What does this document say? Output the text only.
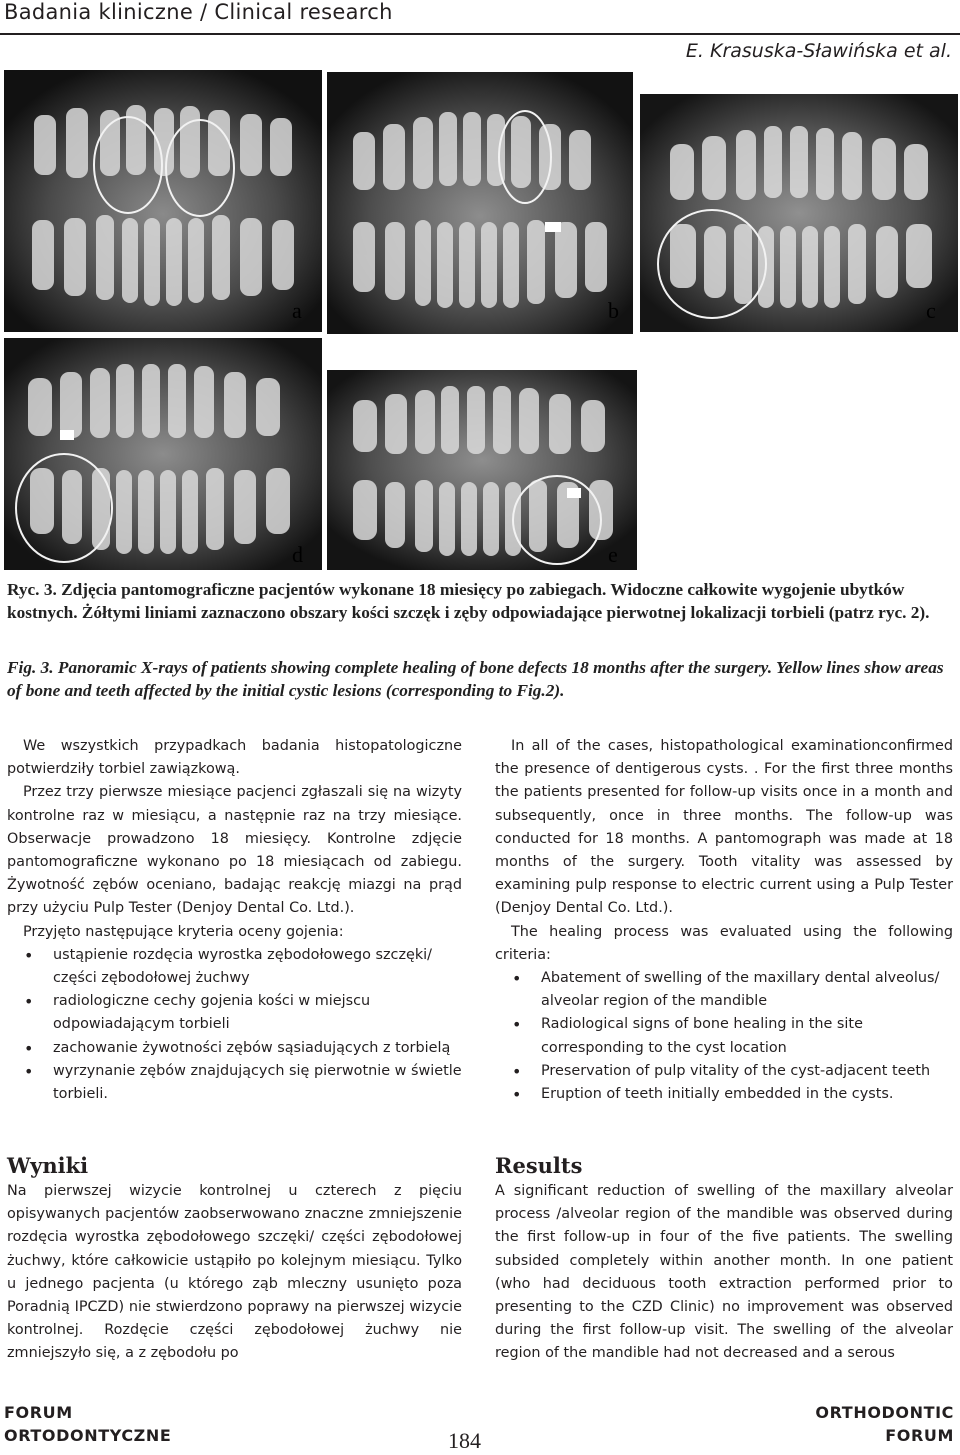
Badania kliniczne / Clinical research
E. Krasuska-Sławińska et al.
a	b	c
d	e

Ryc. 3. Zdjęcia pantomograficzne pacjentów wykonane 18 miesięcy po zabiegach. Widoczne całkowite wygojenie ubytków kostnych. Żółtymi liniami zaznaczono obszary kości szczęk i zęby odpowiadające pierwotnej lokalizacji torbieli (patrz ryc. 2).

Fig. 3. Panoramic X-rays of patients showing complete healing of bone defects 18 months after the surgery. Yellow lines show areas of bone and teeth affected by the initial cystic lesions (corresponding to Fig.2).

We wszystkich przypadkach badania histopatologiczne potwierdziły torbiel zawiązkową.

Przez trzy pierwsze miesiące pacjenci zgłaszali się na wizyty kontrolne raz w miesiącu, a następnie raz na trzy miesiące. Obserwacje prowadzono 18 miesięcy. Kontrolne zdjęcie pantomograficzne wykonano po 18 miesiącach od zabiegu. Żywotność zębów oceniano, badając reakcję miazgi na prąd przy użyciu Pulp Tester (Denjoy Dental Co. Ltd.).

Przyjęto następujące kryteria oceny gojenia:

• ustąpienie rozdęcia wyrostka zębodołowego szczęki/ części zębodołowej żuchwy
• radiologiczne cechy gojenia kości w miejscu odpowiadającym torbieli
• zachowanie żywotności zębów sąsiadujących z torbielą
• wyrzynanie zębów znajdujących się pierwotnie w świetle torbieli.

In all of the cases, histopathological examinationconfirmed the presence of dentigerous cysts. . For the first three months the patients presented for follow-up visits once in a month and subsequently, once in three months. The follow-up was conducted for 18 months. A pantomograph was made at 18 months of the surgery. Tooth vitality was assessed by examining pulp response to electric current using a Pulp Tester (Denjoy Dental Co. Ltd.).

The healing process was evaluated using the following criteria:

• Abatement of swelling of the maxillary dental alveolus/ alveolar region of the mandible
• Radiological signs of bone healing in the site corresponding to the cyst location
• Preservation of pulp vitality of the cyst-adjacent teeth
• Eruption of teeth initially embedded in the cysts.
Wyniki

Na pierwszej wizycie kontrolnej u czterech z pięciu opisywanych pacjentów zaobserwowano znaczne zmniejszenie rozdęcia wyrostka zębodołowego szczęki/ części zębodołowej żuchwy, które całkowicie ustąpiło po kolejnym miesiącu. Tylko u jednego pacjenta (u którego ząb mleczny usunięto poza Poradnią IPCZD) nie stwierdzono poprawy na pierwszej wizycie kontrolnej. Rozdęcie części zębodołowej żuchwy nie zmniejszyło się, a z zębodołu po

Results

A significant reduction of swelling of the maxillary alveolar process /alveolar region of the mandible was observed during the first follow-up in four of the five patients. The swelling subsided completely within another month. In one patient (who had deciduous tooth extraction performed prior to presenting to the CZD Clinic) no improvement was observed during the first follow-up visit. The swelling of the alveolar region of the mandible had not decreased and a serous

FORUM
ORTODONTYCZNE	184
ORTHODONTIC
FORUM
